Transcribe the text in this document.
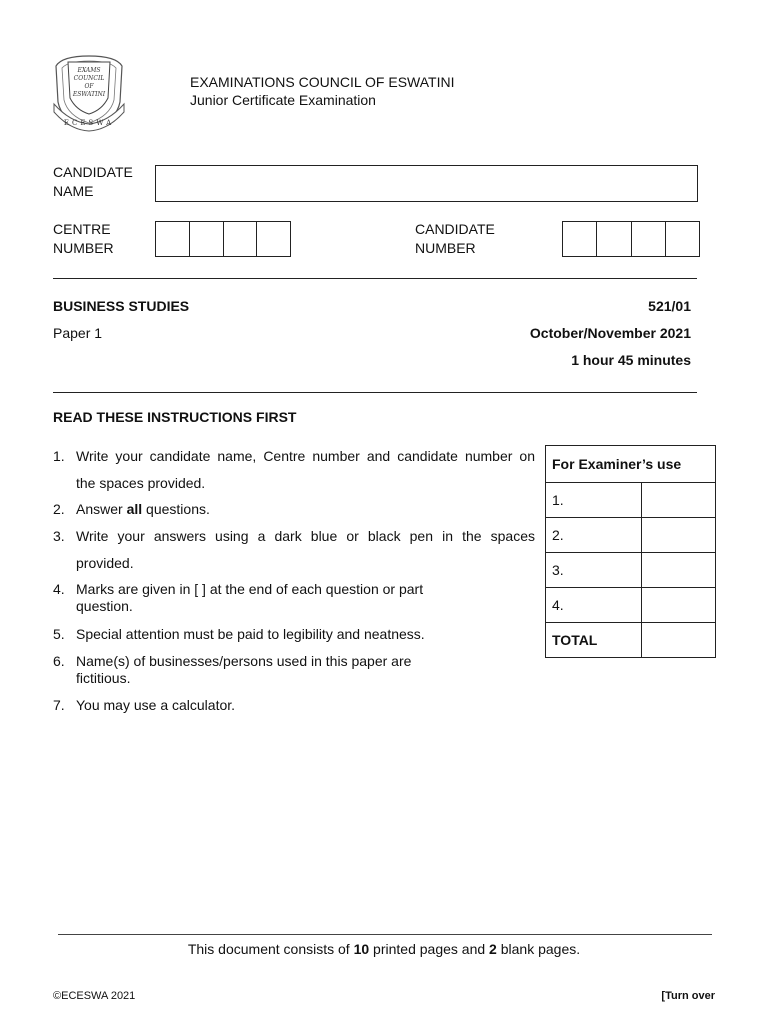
EXAMS
COUNCIL
OF
ESWATINI
ECESWA
EXAMINATIONS COUNCIL OF ESWATINI
Junior Certificate Examination
CANDIDATE
NAME
CENTRE
NUMBER
CANDIDATE
NUMBER
BUSINESS STUDIES	521/01
Paper 1	October/November 2021
1 hour 45 minutes
READ THESE INSTRUCTIONS FIRST
1. Write your candidate name, Centre number and candidate number on
the spaces provided.
2. Answer all questions.
3. Write your answers using a dark blue or black pen in the spaces
provided.
4. Marks are given in [ ] at the end of each question or part
question.
5. Special attention must be paid to legibility and neatness.
6. Name(s) of businesses/persons used in this paper are
fictitious.
7. You may use a calculator.
For Examiner’s use	
1.	
2.	
3.	
4.	
TOTAL	
This document consists of 10 printed pages and 2 blank pages.
©ECESWA 2021	[Turn over
